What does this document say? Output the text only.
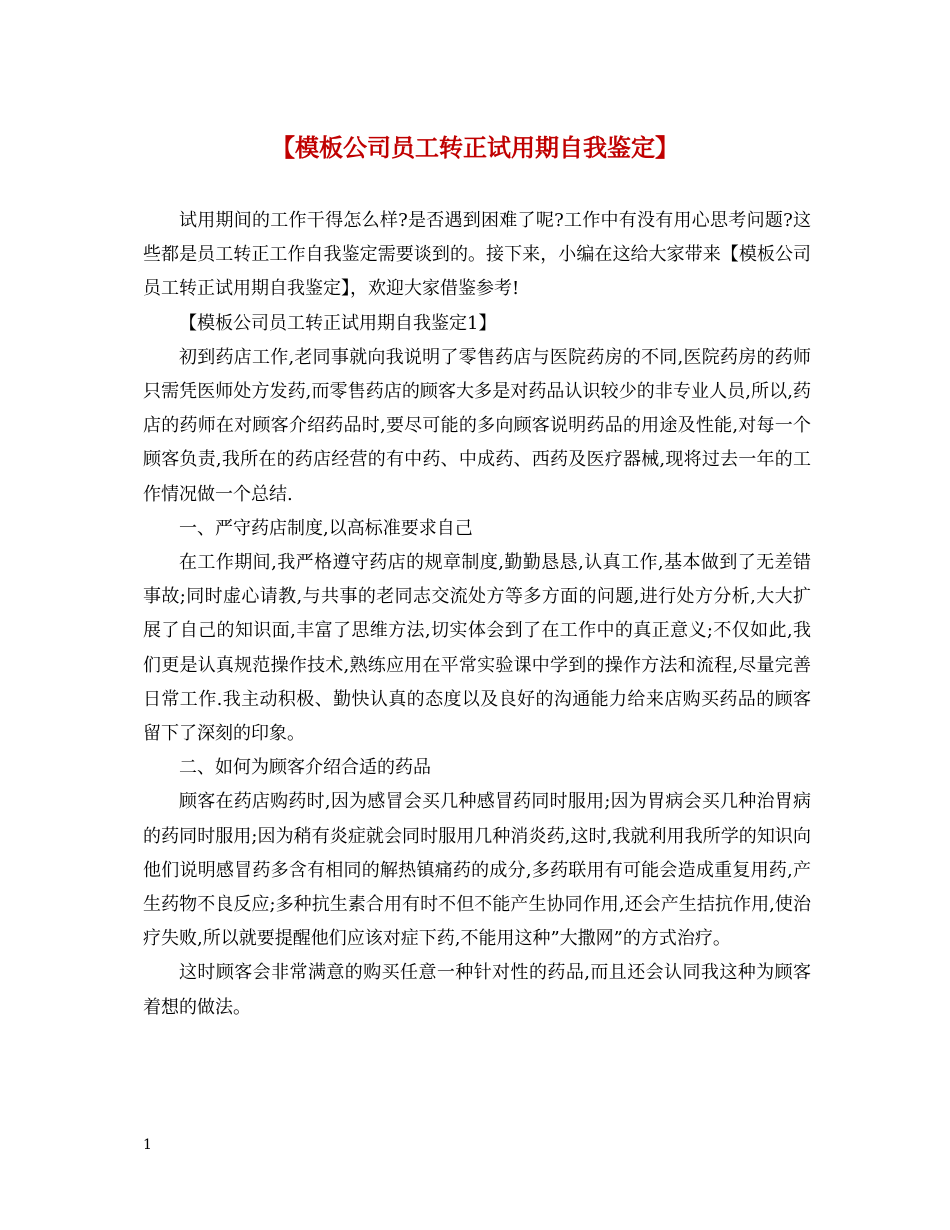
【模板公司员工转正试用期自我鉴定】

试用期间的工作干得怎么样?是否遇到困难了呢?工作中有没有用心思考问题?这些都是员工转正工作自我鉴定需要谈到的。接下来，小编在这给大家带来【模板公司员工转正试用期自我鉴定】，欢迎大家借鉴参考!

【模板公司员工转正试用期自我鉴定1】

初到药店工作,老同事就向我说明了零售药店与医院药房的不同,医院药房的药师只需凭医师处方发药,而零售药店的顾客大多是对药品认识较少的非专业人员,所以,药店的药师在对顾客介绍药品时,要尽可能的多向顾客说明药品的用途及性能,对每一个顾客负责,我所在的药店经营的有中药、中成药、西药及医疗器械,现将过去一年的工作情况做一个总结.

一、严守药店制度,以高标准要求自己

在工作期间,我严格遵守药店的规章制度,勤勤恳恳,认真工作,基本做到了无差错事故;同时虚心请教,与共事的老同志交流处方等多方面的问题,进行处方分析,大大扩展了自己的知识面,丰富了思维方法,切实体会到了在工作中的真正意义;不仅如此,我们更是认真规范操作技术,熟练应用在平常实验课中学到的操作方法和流程,尽量完善日常工作.我主动积极、勤快认真的态度以及良好的沟通能力给来店购买药品的顾客留下了深刻的印象。

二、如何为顾客介绍合适的药品

顾客在药店购药时,因为感冒会买几种感冒药同时服用;因为胃病会买几种治胃病的药同时服用;因为稍有炎症就会同时服用几种消炎药,这时,我就利用我所学的知识向他们说明感冒药多含有相同的解热镇痛药的成分,多药联用有可能会造成重复用药,产生药物不良反应;多种抗生素合用有时不但不能产生协同作用,还会产生拮抗作用,使治疗失败,所以就要提醒他们应该对症下药,不能用这种”大撒网”的方式治疗。

这时顾客会非常满意的购买任意一种针对性的药品,而且还会认同我这种为顾客着想的做法。

1
